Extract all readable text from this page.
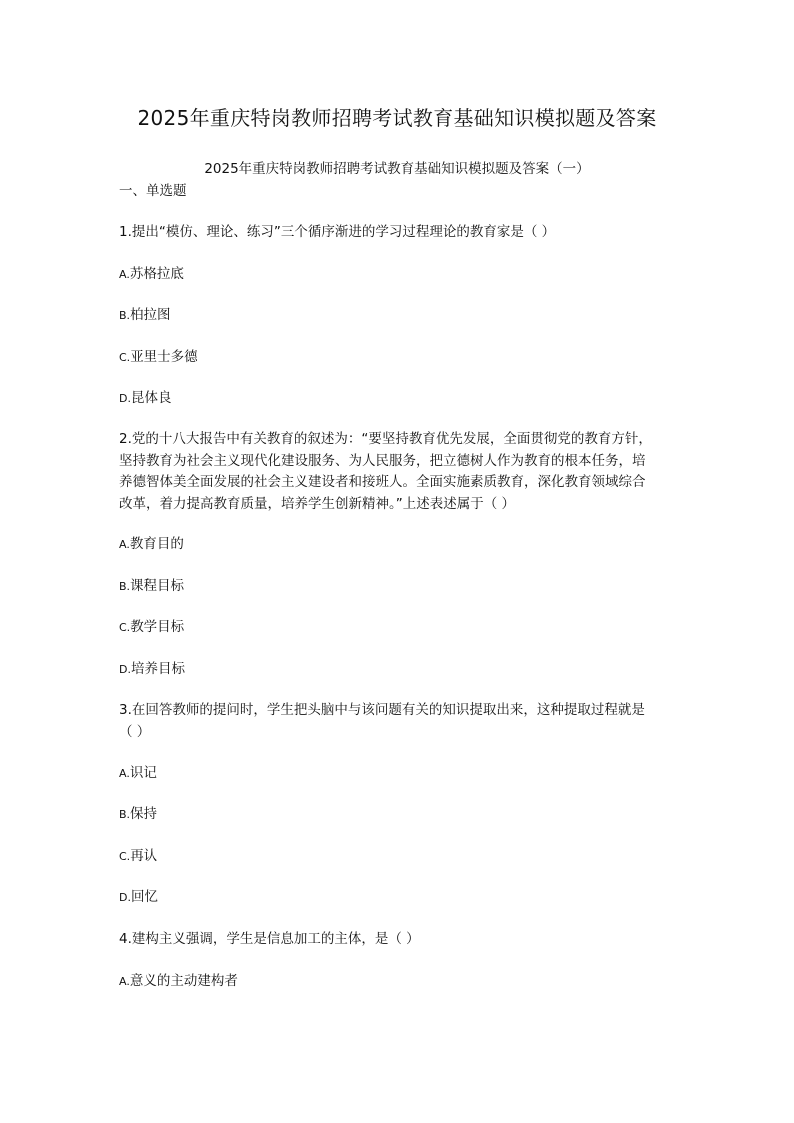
2025年重庆特岗教师招聘考试教育基础知识模拟题及答案
2025年重庆特岗教师招聘考试教育基础知识模拟题及答案（一）
一、单选题
1.提出“模仿、理论、练习”三个循序渐进的学习过程理论的教育家是（ ）
A.苏格拉底
B.柏拉图
C.亚里士多德
D.昆体良
2.党的十八大报告中有关教育的叙述为：“要坚持教育优先发展，全面贯彻党的教育方针，
坚持教育为社会主义现代化建设服务、为人民服务，把立德树人作为教育的根本任务，培
养德智体美全面发展的社会主义建设者和接班人。全面实施素质教育，深化教育领域综合
改革，着力提高教育质量，培养学生创新精神。”上述表述属于（ ）
A.教育目的
B.课程目标
C.教学目标
D.培养目标
3.在回答教师的提问时，学生把头脑中与该问题有关的知识提取出来，这种提取过程就是
（ ）
A.识记
B.保持
C.再认
D.回忆
4.建构主义强调，学生是信息加工的主体，是（ ）
A.意义的主动建构者
